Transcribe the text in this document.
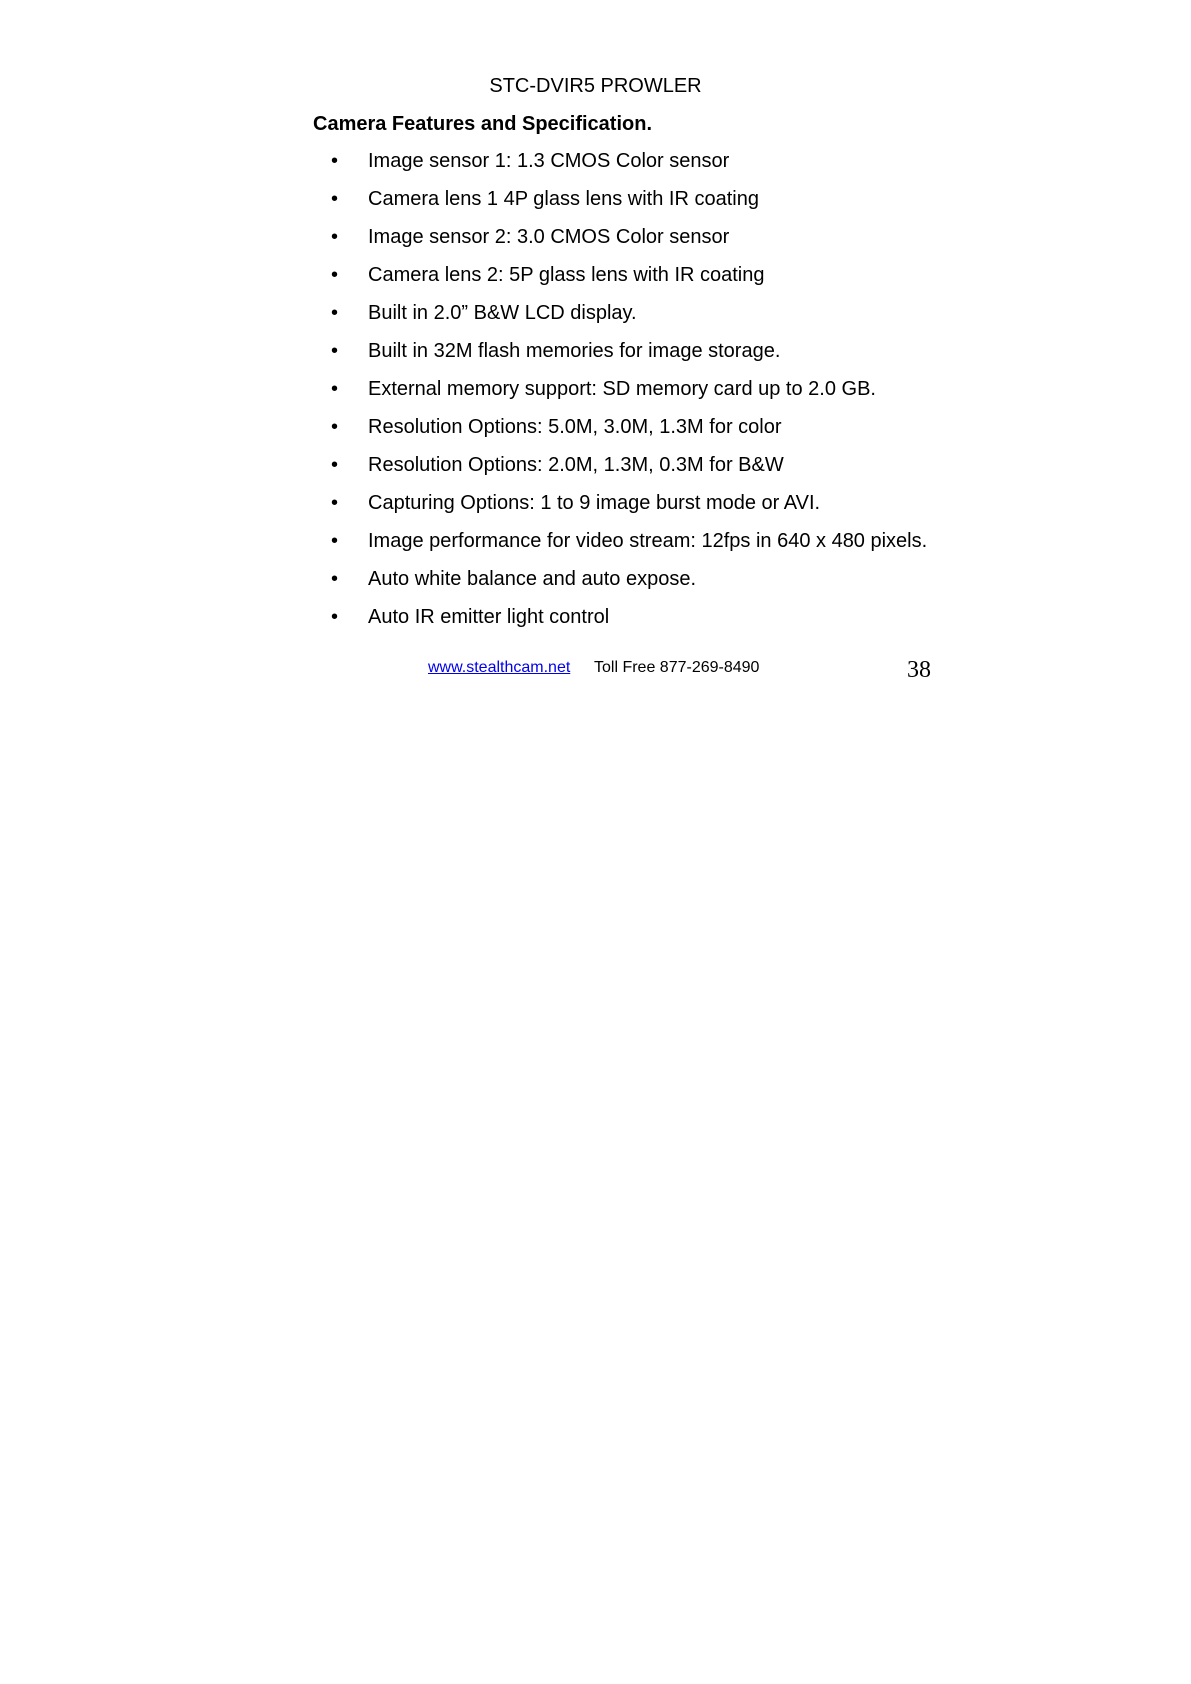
STC-DVIR5 PROWLER
Camera Features and Specification.
• Image sensor 1: 1.3 CMOS Color sensor
• Camera lens 1 4P glass lens with IR coating
• Image sensor 2: 3.0 CMOS Color sensor
• Camera lens 2: 5P glass lens with IR coating
• Built in 2.0” B&W LCD display.
• Built in 32M flash memories for image storage.
• External memory support: SD memory card up to 2.0 GB.
• Resolution Options: 5.0M, 3.0M, 1.3M for color
• Resolution Options: 2.0M, 1.3M, 0.3M for B&W
• Capturing Options: 1 to 9 image burst mode or AVI.
• Image performance for video stream: 12fps in 640 x 480 pixels.
• Auto white balance and auto expose.
• Auto IR emitter light control
www.stealthcam.net Toll Free 877-269-8490	38
